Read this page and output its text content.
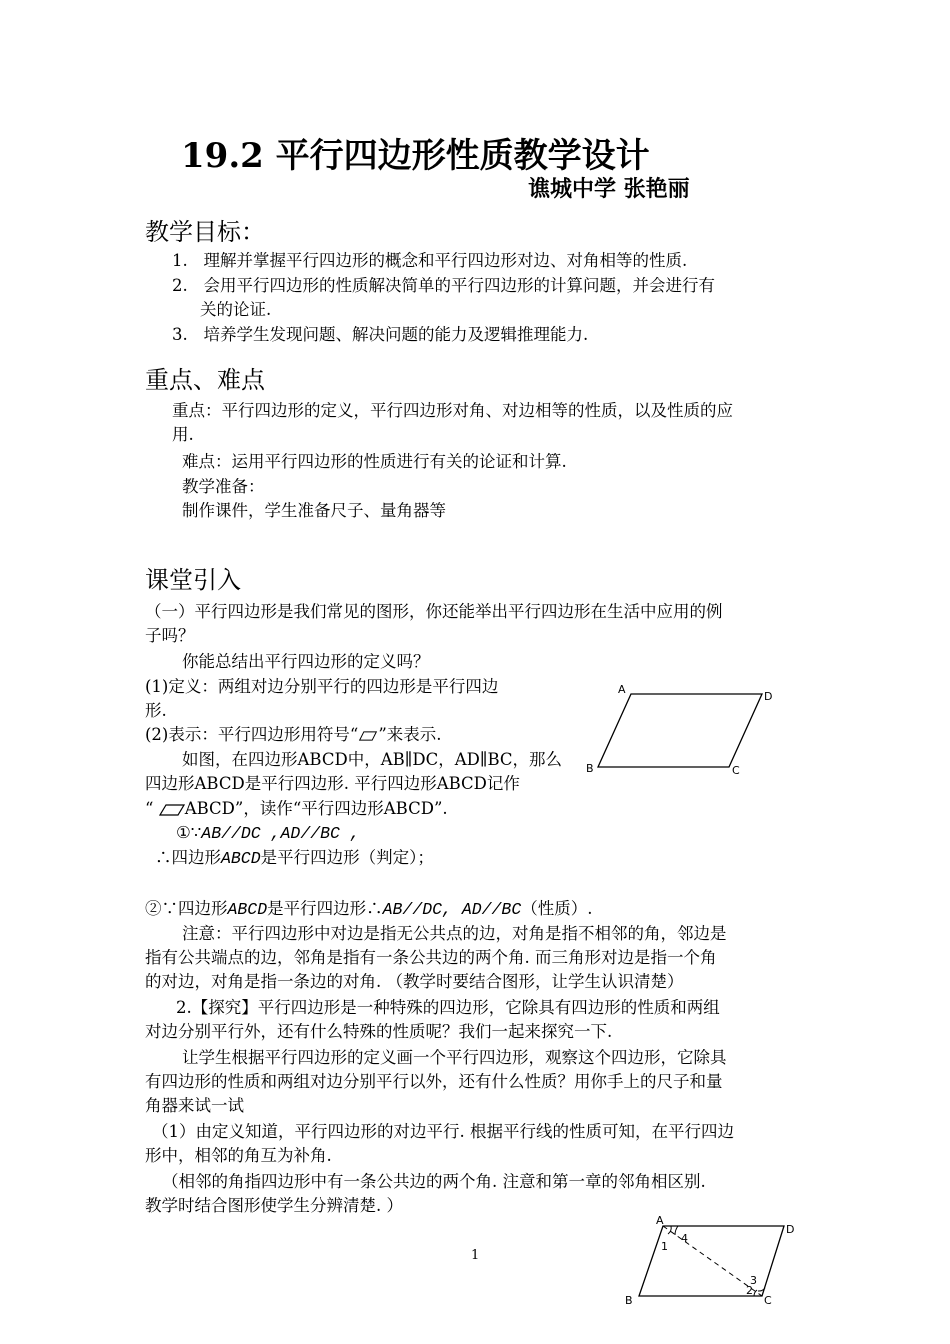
19.2 平行四边形性质教学设计
谯城中学 张艳丽
教学目标：
1. 理解并掌握平行四边形的概念和平行四边形对边、对角相等的性质.
2. 会用平行四边形的性质解决简单的平行四边形的计算问题，并会进行有
关的论证.
3. 培养学生发现问题、解决问题的能力及逻辑推理能力.
重点、难点
重点：平行四边形的定义，平行四边形对角、对边相等的性质，以及性质的应
用.
难点：运用平行四边形的性质进行有关的论证和计算.
教学准备：
制作课件，学生准备尺子、量角器等
课堂引入
（一）平行四边形是我们常见的图形，你还能举出平行四边形在生活中应用的例
子吗？
你能总结出平行四边形的定义吗？
(1)定义：两组对边分别平行的四边形是平行四边
形.
(2)表示：平行四边形用符号“ ”来表示.
如图，在四边形ABCD中，AB∥DC，AD∥BC，那么
四边形ABCD是平行四边形. 平行四边形ABCD记作
“ ABCD”，读作“平行四边形ABCD”.
①∵AB//DC ,AD//BC ,
∴四边形ABCD是平行四边形（判定）；
②∵四边形ABCD是平行四边形∴AB//DC, AD//BC（性质）.
注意：平行四边形中对边是指无公共点的边，对角是指不相邻的角，邻边是
指有公共端点的边，邻角是指有一条公共边的两个角. 而三角形对边是指一个角
的对边，对角是指一条边的对角. （教学时要结合图形，让学生认识清楚）
2.【探究】平行四边形是一种特殊的四边形，它除具有四边形的性质和两组
对边分别平行外，还有什么特殊的性质呢？我们一起来探究一下.
让学生根据平行四边形的定义画一个平行四边形，观察这个四边形，它除具
有四边形的性质和两组对边分别平行以外，还有什么性质？用你手上的尺子和量
角器来试一试
（1）由定义知道，平行四边形的对边平行. 根据平行线的性质可知，在平行四边
形中，相邻的角互为补角.
（相邻的角指四边形中有一条公共边的两个角. 注意和第一章的邻角相区别.
教学时结合图形使学生分辨清楚. ）
A
D
B	C
A
D
B	C
1
4
2
3
1
